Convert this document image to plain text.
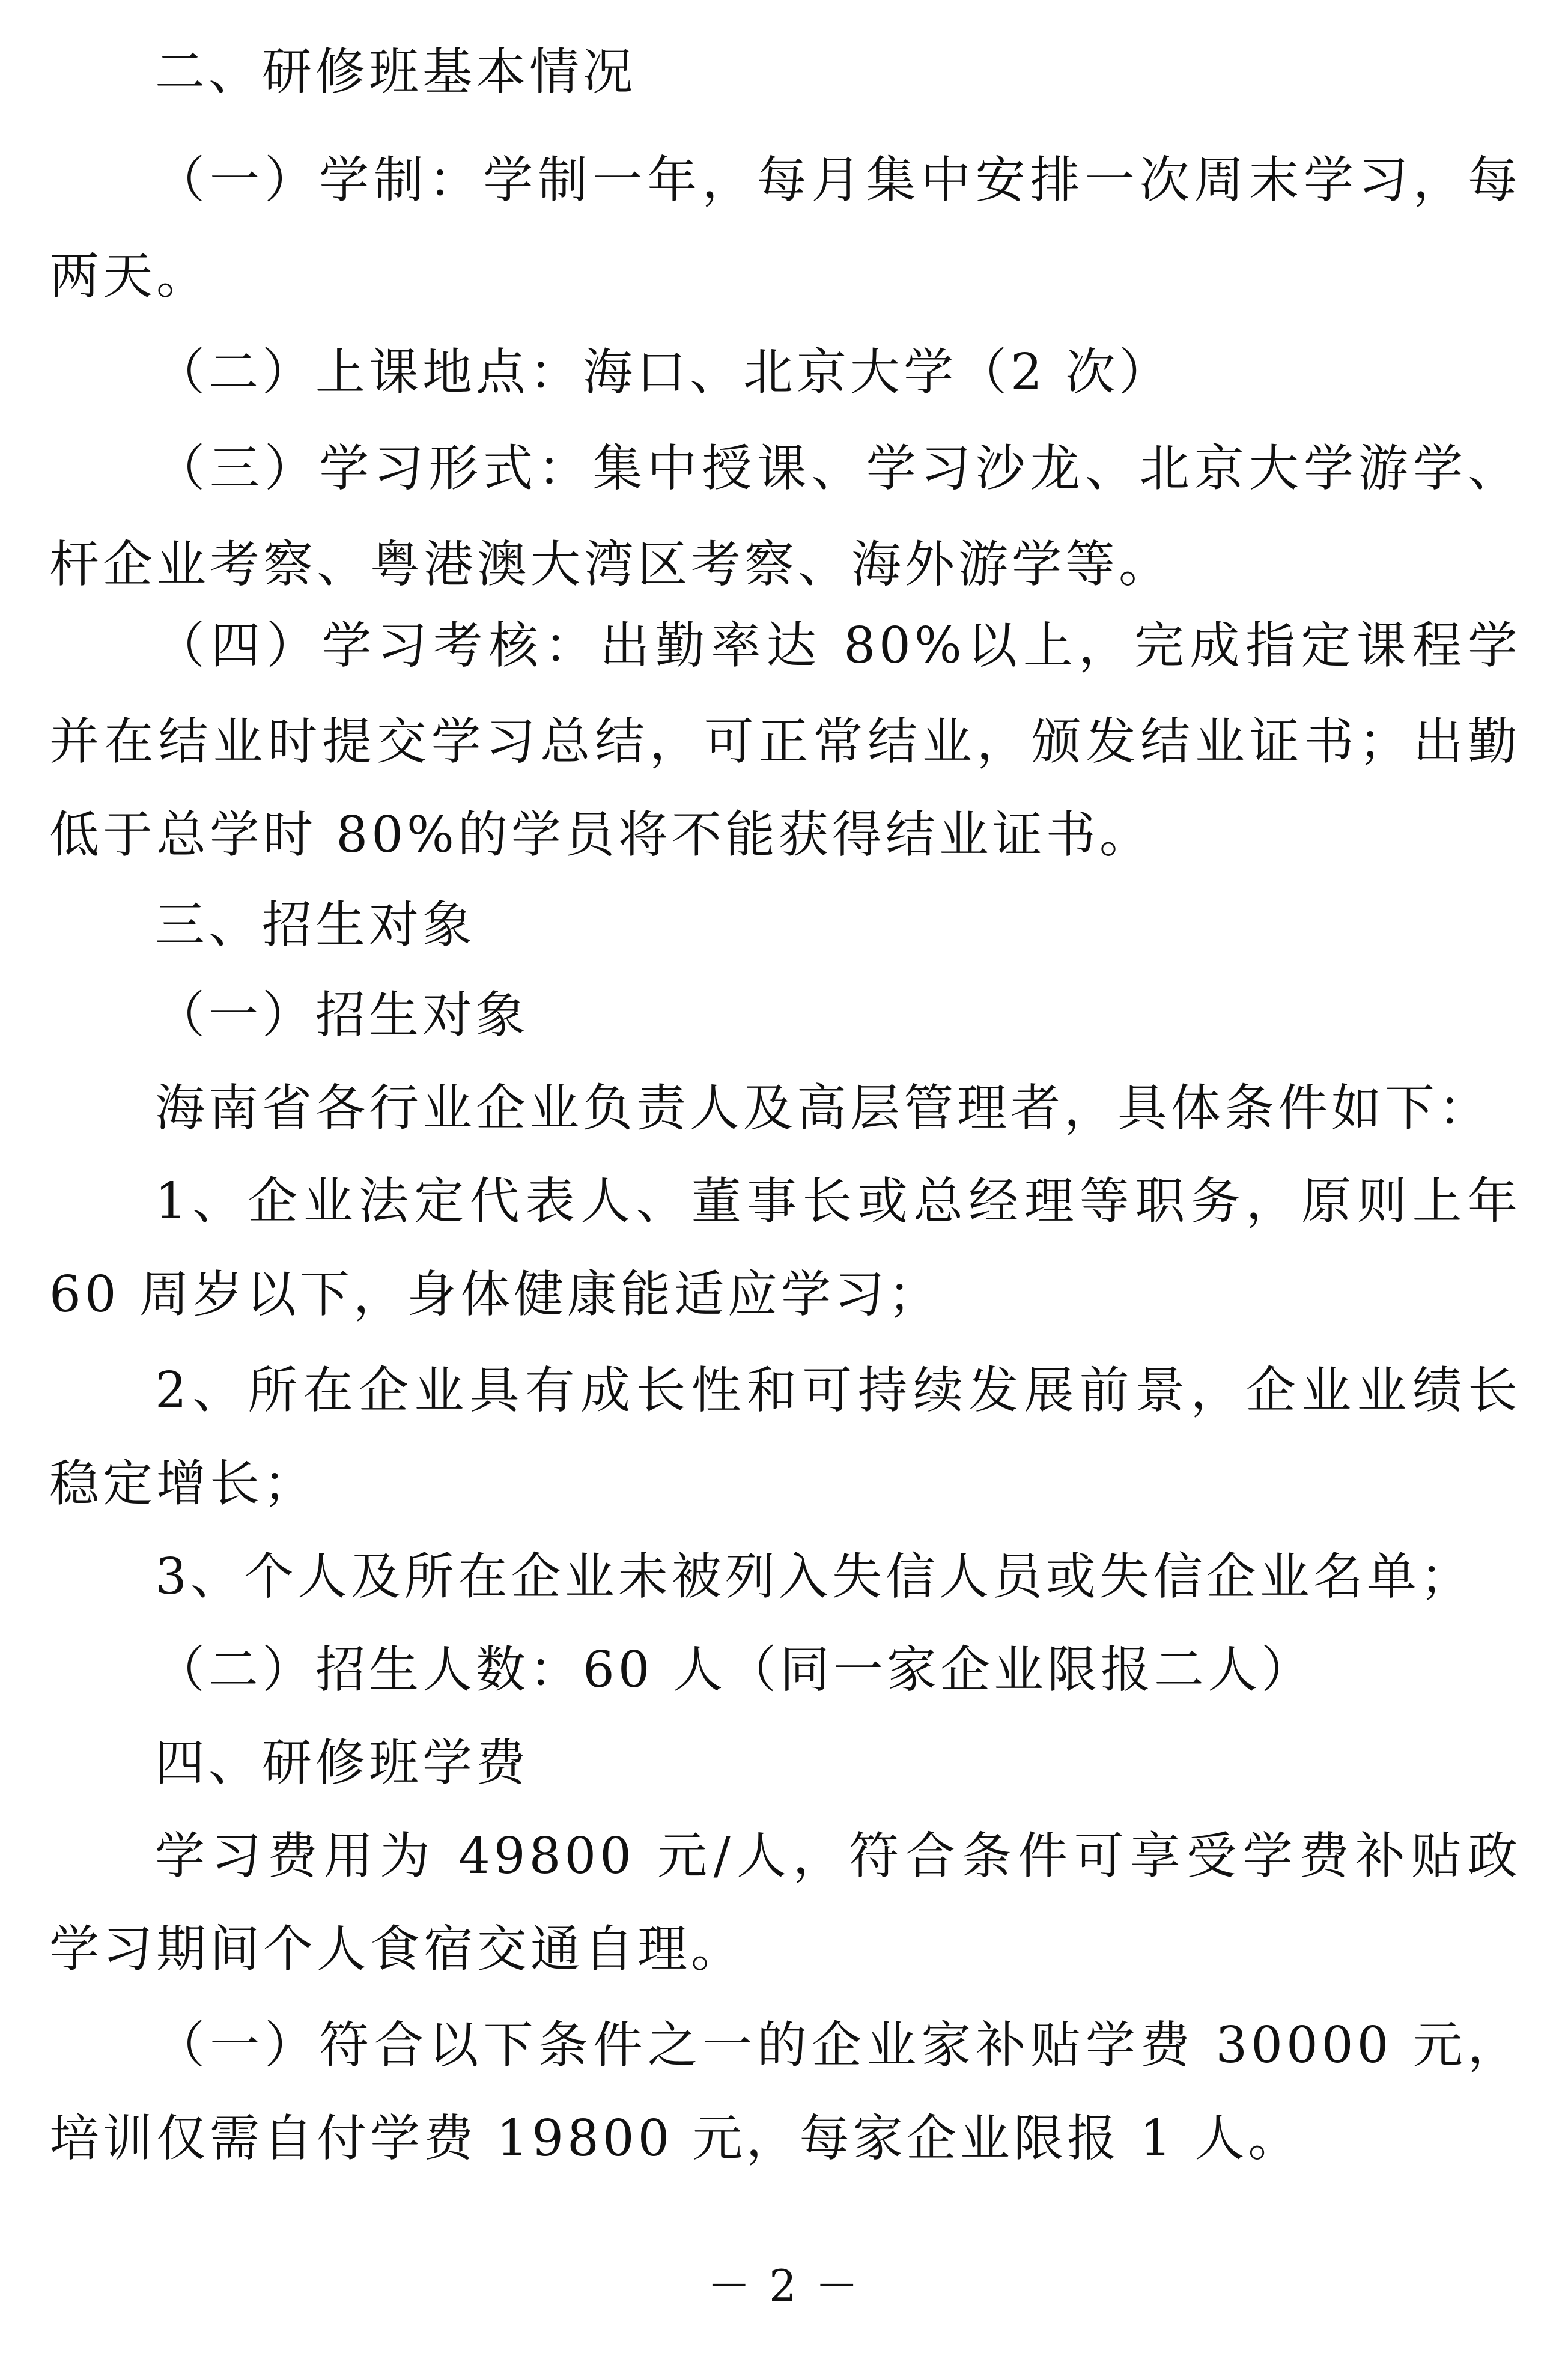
二、研修班基本情况
（一）学制：学制一年，每月集中安排一次周末学习，每
两天。
（二）上课地点：海口、北京大学（2 次）
（三）学习形式：集中授课、学习沙龙、北京大学游学、
杆企业考察、粤港澳大湾区考察、海外游学等。
（四）学习考核：出勤率达 80%以上，完成指定课程学
并在结业时提交学习总结，可正常结业，颁发结业证书；出勤
低于总学时 80%的学员将不能获得结业证书。
三、招生对象
（一）招生对象
海南省各行业企业负责人及高层管理者，具体条件如下：
1、企业法定代表人、董事长或总经理等职务，原则上年
60 周岁以下，身体健康能适应学习；
2、所在企业具有成长性和可持续发展前景，企业业绩长
稳定增长；
3、个人及所在企业未被列入失信人员或失信企业名单；
（二）招生人数：60 人（同一家企业限报二人）
四、研修班学费
学习费用为 49800 元/人，符合条件可享受学费补贴政
学习期间个人食宿交通自理。
（一）符合以下条件之一的企业家补贴学费 30000 元，
培训仅需自付学费 19800 元，每家企业限报 1 人。
－ 2 －
